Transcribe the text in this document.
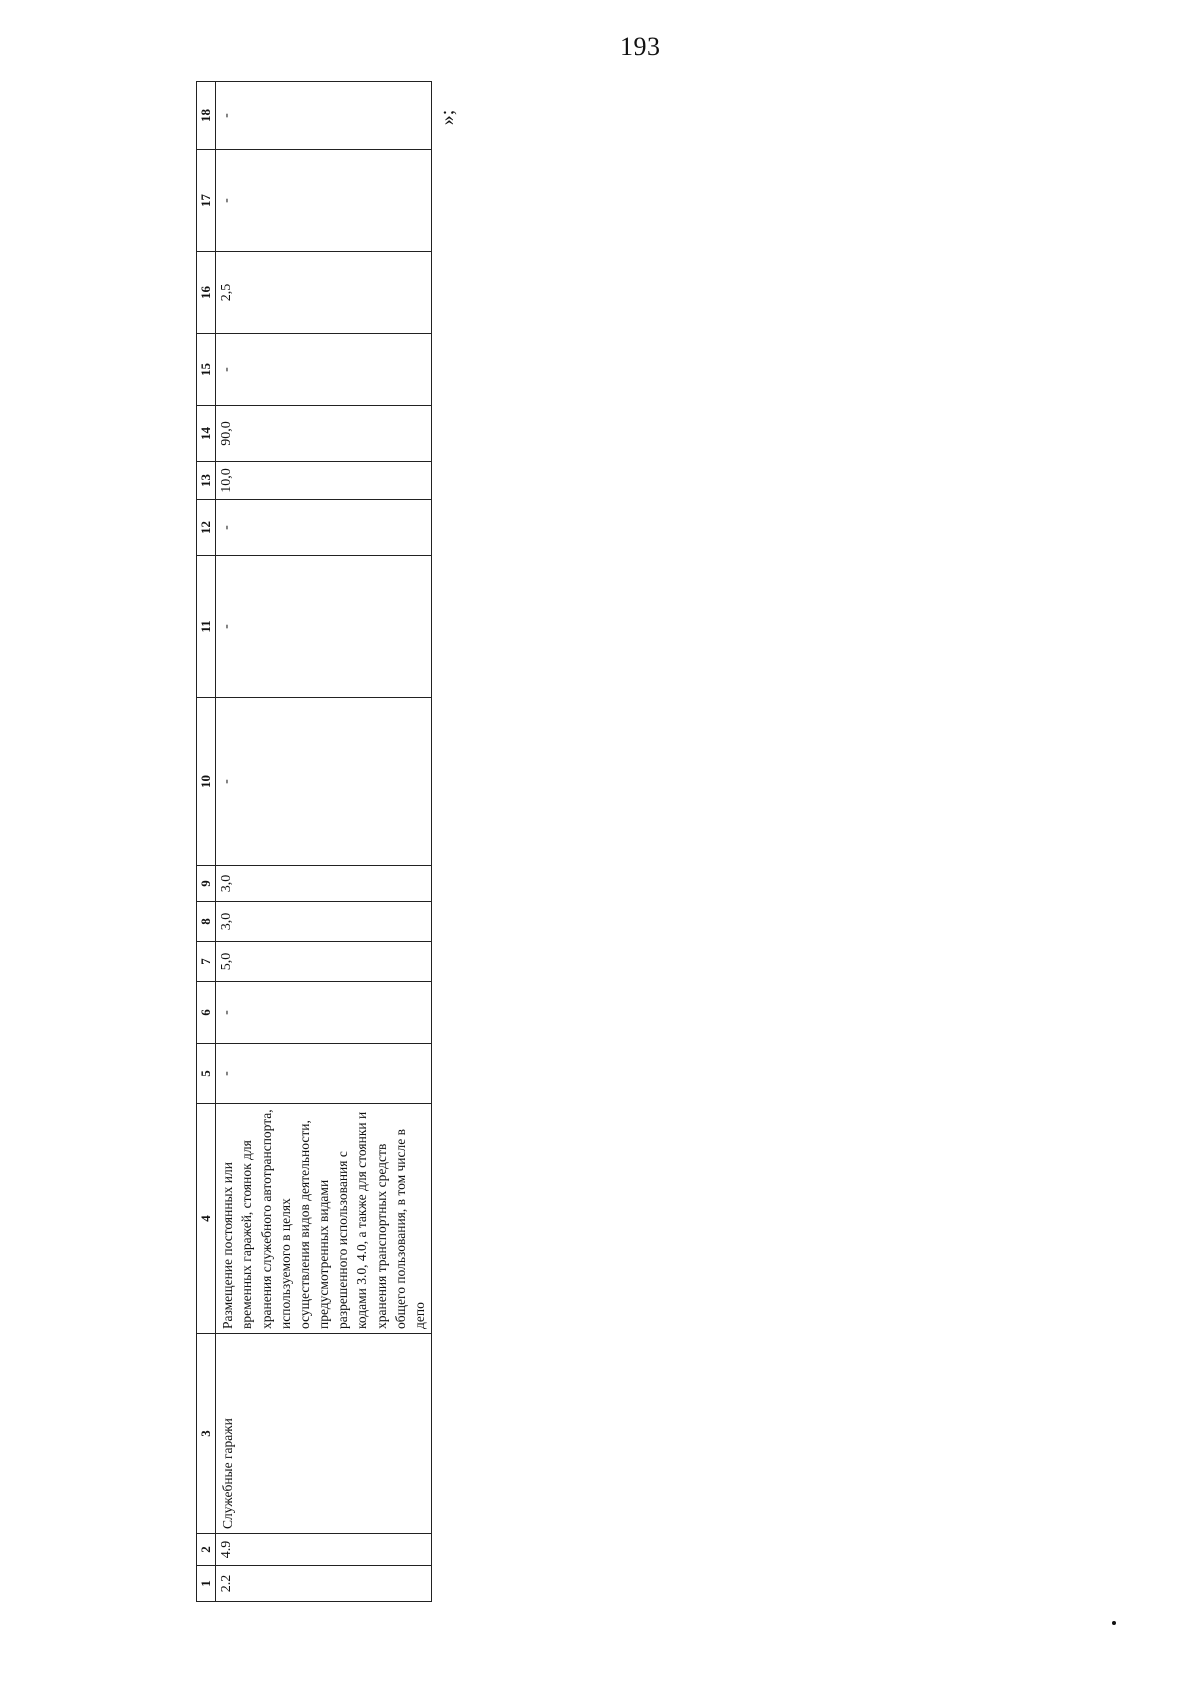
193
1	2	3	4	5	6	7	8	9	10	11	12	13	14	15	16	17	18
2.2	4.9	Служебные гаражи	Размещение постоянных или временных гаражей, стоянок для хранения служебного автотранспорта, используемого в целях осуществления видов деятельности, предусмотренных видами разрешенного использования с кодами 3.0, 4.0, а также для стоянки и хранения транспортных средств общего пользования, в том числе в депо	-	-	5,0	3,0	3,0	-	-	-	10,0	90,0	-	2,5	-	-	»;
